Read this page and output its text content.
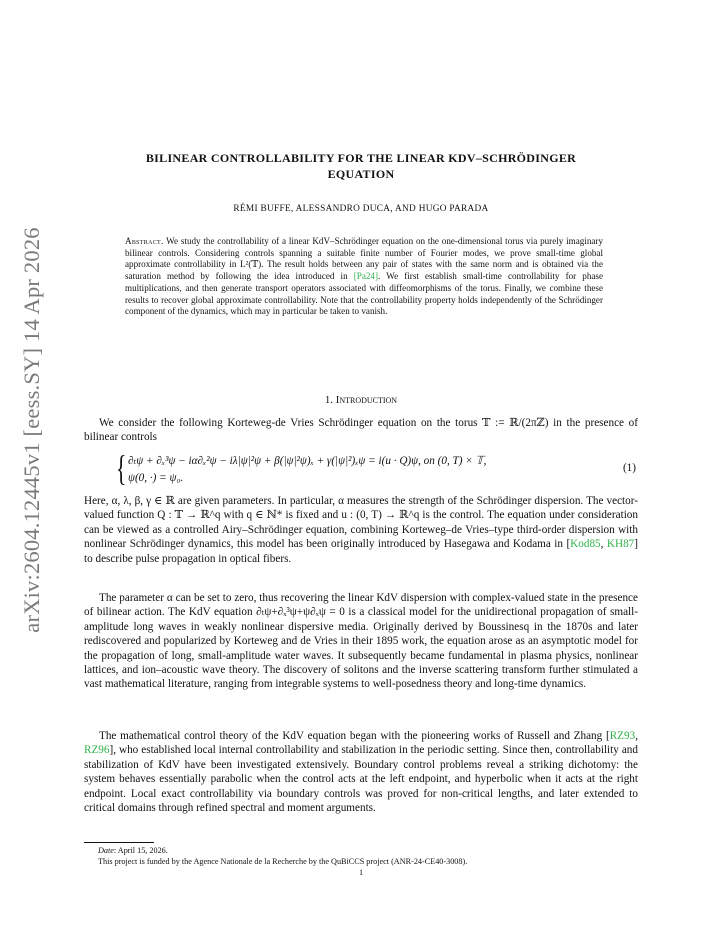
arXiv:2604.12445v1 [eess.SY] 14 Apr 2026
BILINEAR CONTROLLABILITY FOR THE LINEAR KDV–SCHRÖDINGER
EQUATION
RÉMI BUFFE, ALESSANDRO DUCA, AND HUGO PARADA
Abstract. We study the controllability of a linear KdV–Schrödinger equation on the one-dimensional torus via purely imaginary bilinear controls. Considering controls spanning a suitable finite number of Fourier modes, we prove small-time global approximate controllability in L²(𝕋). The result holds between any pair of states with the same norm and is obtained via the saturation method by following the idea introduced in [Pa24]. We first establish small-time controllability for phase multiplications, and then generate transport operators associated with diffeomorphisms of the torus. Finally, we combine these results to recover global approximate controllability. Note that the controllability property holds independently of the Schrödinger component of the dynamics, which may in particular be taken to vanish.
1. Introduction
We consider the following Korteweg-de Vries Schrödinger equation on the torus 𝕋 := ℝ/(2πℤ) in the presence of bilinear controls
{ ∂ₜψ + ∂ₓ³ψ − iα∂ₓ²ψ − iλ|ψ|²ψ + β(|ψ|²ψ)ₓ + γ(|ψ|²)ₓψ = i(u · Q)ψ, on (0, T) × 𝕋,
ψ(0, ·) = ψ₀.
(1)
Here, α, λ, β, γ ∈ ℝ are given parameters. In particular, α measures the strength of the Schrödinger dispersion. The vector-valued function Q : 𝕋 → ℝ^q with q ∈ ℕ* is fixed and u : (0, T) → ℝ^q is the control. The equation under consideration can be viewed as a controlled Airy–Schrödinger equation, combining Korteweg–de Vries–type third-order dispersion with nonlinear Schrödinger dynamics, this model has been originally introduced by Hasegawa and Kodama in [Kod85, KH87] to describe pulse propagation in optical fibers.
The parameter α can be set to zero, thus recovering the linear KdV dispersion with complex-valued state in the presence of bilinear action. The KdV equation ∂ₜψ+∂ₓ³ψ+ψ∂ₓψ = 0 is a classical model for the unidirectional propagation of small-amplitude long waves in weakly nonlinear dispersive media. Originally derived by Boussinesq in the 1870s and later rediscovered and popularized by Korteweg and de Vries in their 1895 work, the equation arose as an asymptotic model for the propagation of long, small-amplitude water waves. It subsequently became fundamental in plasma physics, nonlinear lattices, and ion–acoustic wave theory. The discovery of solitons and the inverse scattering transform further stimulated a vast mathematical literature, ranging from integrable systems to well-posedness theory and long-time dynamics.
The mathematical control theory of the KdV equation began with the pioneering works of Russell and Zhang [RZ93, RZ96], who established local internal controllability and stabilization in the periodic setting. Since then, controllability and stabilization of KdV have been investigated extensively. Boundary control problems reveal a striking dichotomy: the system behaves essentially parabolic when the control acts at the left endpoint, and hyperbolic when it acts at the right endpoint. Local exact controllability via boundary controls was proved for non-critical lengths, and later extended to critical domains through refined spectral and moment arguments.
Date: April 15, 2026.
This project is funded by the Agence Nationale de la Recherche by the QuBiCCS project (ANR-24-CE40-3008).
1
